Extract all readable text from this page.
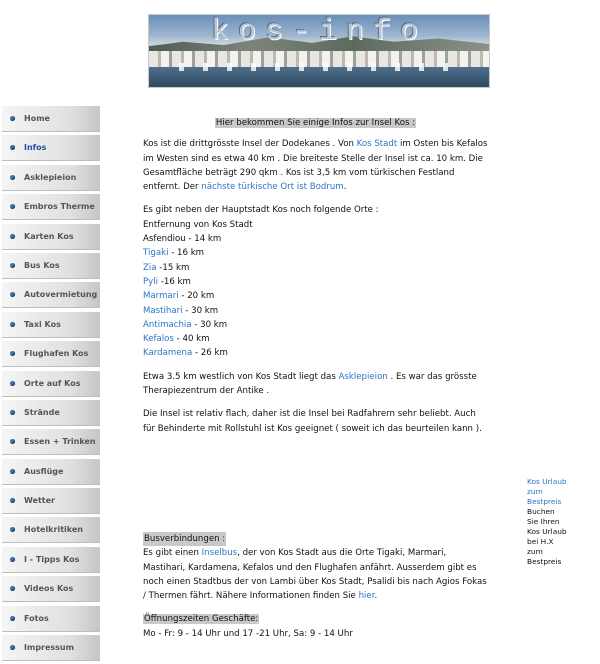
kos-info
Home
Infos
Asklepieion
Embros Therme
Karten Kos
Bus Kos
Autovermietung
Taxi Kos
Flughafen Kos
Orte auf Kos
Strände
Essen + Trinken
Ausflüge
Wetter
Hotelkritiken
I - Tipps Kos
Videos Kos
Fotos
Impressum
Hier bekommen Sie einige Infos zur Insel Kos :

Kos ist die drittgrösste Insel der Dodekanes . Von Kos Stadt im Osten bis Kefalos im Westen sind es etwa 40 km . Die breiteste Stelle der Insel ist ca. 10 km. Die Gesamtfläche beträgt 290 qkm . Kos ist 3,5 km vom türkischen Festland entfernt. Der nächste türkische Ort ist Bodrum.

Es gibt neben der Hauptstadt Kos noch folgende Orte :
Entfernung von Kos Stadt
Asfendiou - 14 km
Tigaki - 16 km
Zia -15 km
Pyli -16 km
Marmari - 20 km
Mastihari - 30 km
Antimachia - 30 km
Kefalos - 40 km
Kardamena - 26 km

Etwa 3.5 km westlich von Kos Stadt liegt das Asklepieion . Es war das grösste Therapiezentrum der Antike .

Die Insel ist relativ flach, daher ist die Insel bei Radfahrern sehr beliebt. Auch für Behinderte mit Rollstuhl ist Kos geeignet ( soweit ich das beurteilen kann ).

Kos Urlaub
zum
Bestpreis
Buchen
Sie Ihren
Kos Urlaub
bei H.X
zum
Bestpreis

Busverbindungen :
Es gibt einen Inselbus, der von Kos Stadt aus die Orte Tigaki, Marmari, Mastihari, Kardamena, Kefalos und den Flughafen anfährt. Ausserdem gibt es noch einen Stadtbus der von Lambi über Kos Stadt, Psalidi bis nach Agios Fokas / Thermen fährt. Nähere Informationen finden Sie hier.

Öffnungszeiten Geschäfte:
Mo - Fr: 9 - 14 Uhr und 17 -21 Uhr, Sa: 9 - 14 Uhr
